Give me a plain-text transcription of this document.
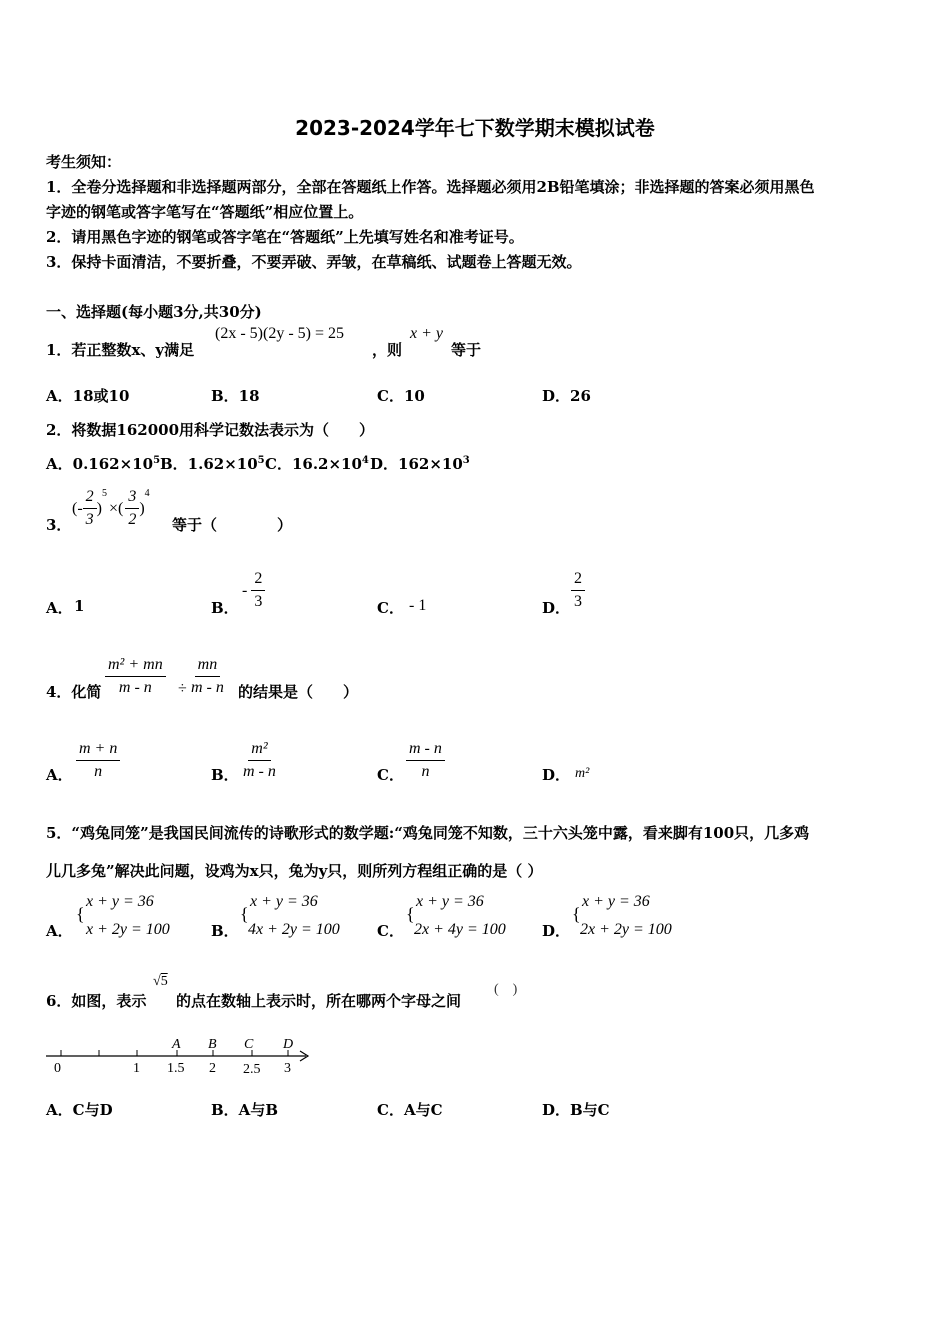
2023-2024学年七下数学期末模拟试卷
考生须知：
1．全卷分选择题和非选择题两部分，全部在答题纸上作答。选择题必须用2B铅笔填涂；非选择题的答案必须用黑色
字迹的钢笔或答字笔写在“答题纸”相应位置上。
2．请用黑色字迹的钢笔或答字笔在“答题纸”上先填写姓名和准考证号。
3．保持卡面清洁，不要折叠，不要弄破、弄皱，在草稿纸、试题卷上答题无效。
一、选择题(每小题3分,共30分)
1．若正整数x、y满足
(2x - 5)(2y - 5) = 25
，则
x + y
等于
A．18或10	B．18	C．10	D．26
2．将数据162000用科学记数法表示为（　　）
A．$0.162\times 10^5$ B．$1.62\times 10^5$ C．$16.2\times 10^4$ D．$162\times 10^3$
3．
(- $\frac{2}{3}$ )
5
×( $\frac{3}{2}$ )
4
等于（　　　　）
A． 1	B．
- $\frac{2}{3}$	C． - 1	D． $\frac{2}{3}$
4．化简 $\frac{\text{m² + mn}}{m - n} \div \frac{mn}{m - n}$ 的结果是（　　）
A． $\frac{m + n}{n}$	B． $\frac{\text{m²}}{m - n}$	C． $\frac{m - n}{n}$	D． m²
5．“鸡兔同笼”是我国民间流传的诗歌形式的数学题:“鸡兔同笼不知数，三十六头笼中露，看来脚有100只，几多鸡
儿几多兔”解决此问题，设鸡为x只，兔为y只，则所列方程组正确的是（ ）
A．
{
x + y = 36
x + 2y = 100	B．
{
x + y = 36
4x + 2y = 100 C．
{
x + y = 36
2x + 4y = 100 D．
{
x + y = 36
2x + 2y = 100
6．如图，表示
√5
的点在数轴上表示时，所在哪两个字母之间
(　)
A B C D
0	1 1.5 2 2.5 3
A．C与D	B．A与B	C．A与C	D．B与C
